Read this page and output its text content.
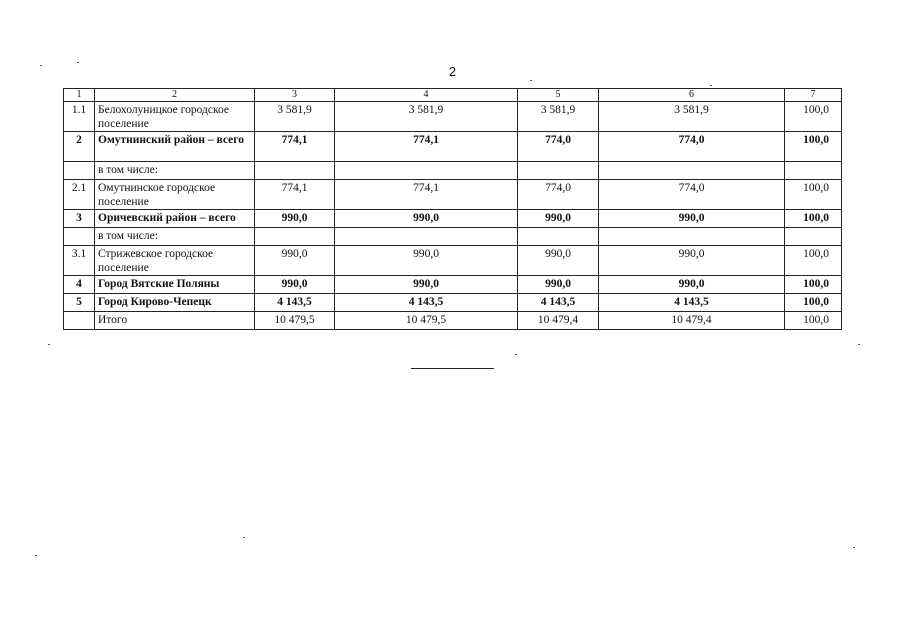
2
1	2	3	4	5	6	7
1.1	Белохолуницкое городское поселение	3 581,9	3 581,9	3 581,9	3 581,9	100,0
2	Омутнинский район – всего	774,1	774,1	774,0	774,0	100,0
	в том числе:					
2.1	Омутнинское городское поселение	774,1	774,1	774,0	774,0	100,0
3	Оричевский район – всего	990,0	990,0	990,0	990,0	100,0
	в том числе:					
3.1	Стрижевское городское поселение	990,0	990,0	990,0	990,0	100,0
4	Город Вятские Поляны	990,0	990,0	990,0	990,0	100,0
5	Город Кирово-Чепецк	4 143,5	4 143,5	4 143,5	4 143,5	100,0
	Итого	10 479,5	10 479,5	10 479,4	10 479,4	100,0
